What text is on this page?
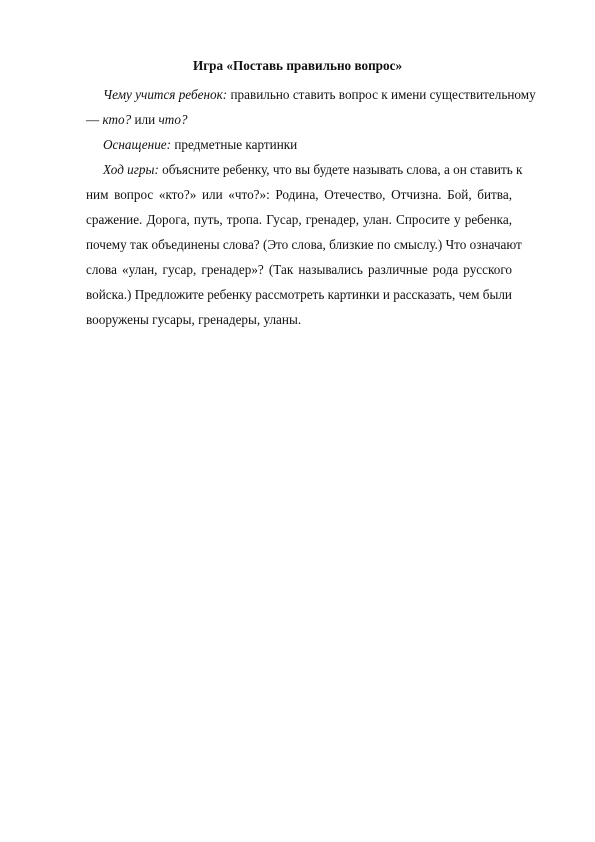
Игра «Поставь правильно вопрос»
Чему учится ребенок: правильно ставить вопрос к имени существительному
— кто? или что?
Оснащение: предметные картинки
Ход игры: объясните ребенку, что вы будете называть слова, а он ставить к
ним вопрос «кто?» или «что?»: Родина, Отечество, Отчизна. Бой, битва,
сражение. Дорога, путь, тропа. Гусар, гренадер, улан. Спросите у ребенка,
почему так объединены слова? (Это слова, близкие по смыслу.) Что означают
слова «улан, гусар, гренадер»? (Так назывались различные рода русского
войска.) Предложите ребенку рассмотреть картинки и рассказать, чем были
вооружены гусары, гренадеры, уланы.
